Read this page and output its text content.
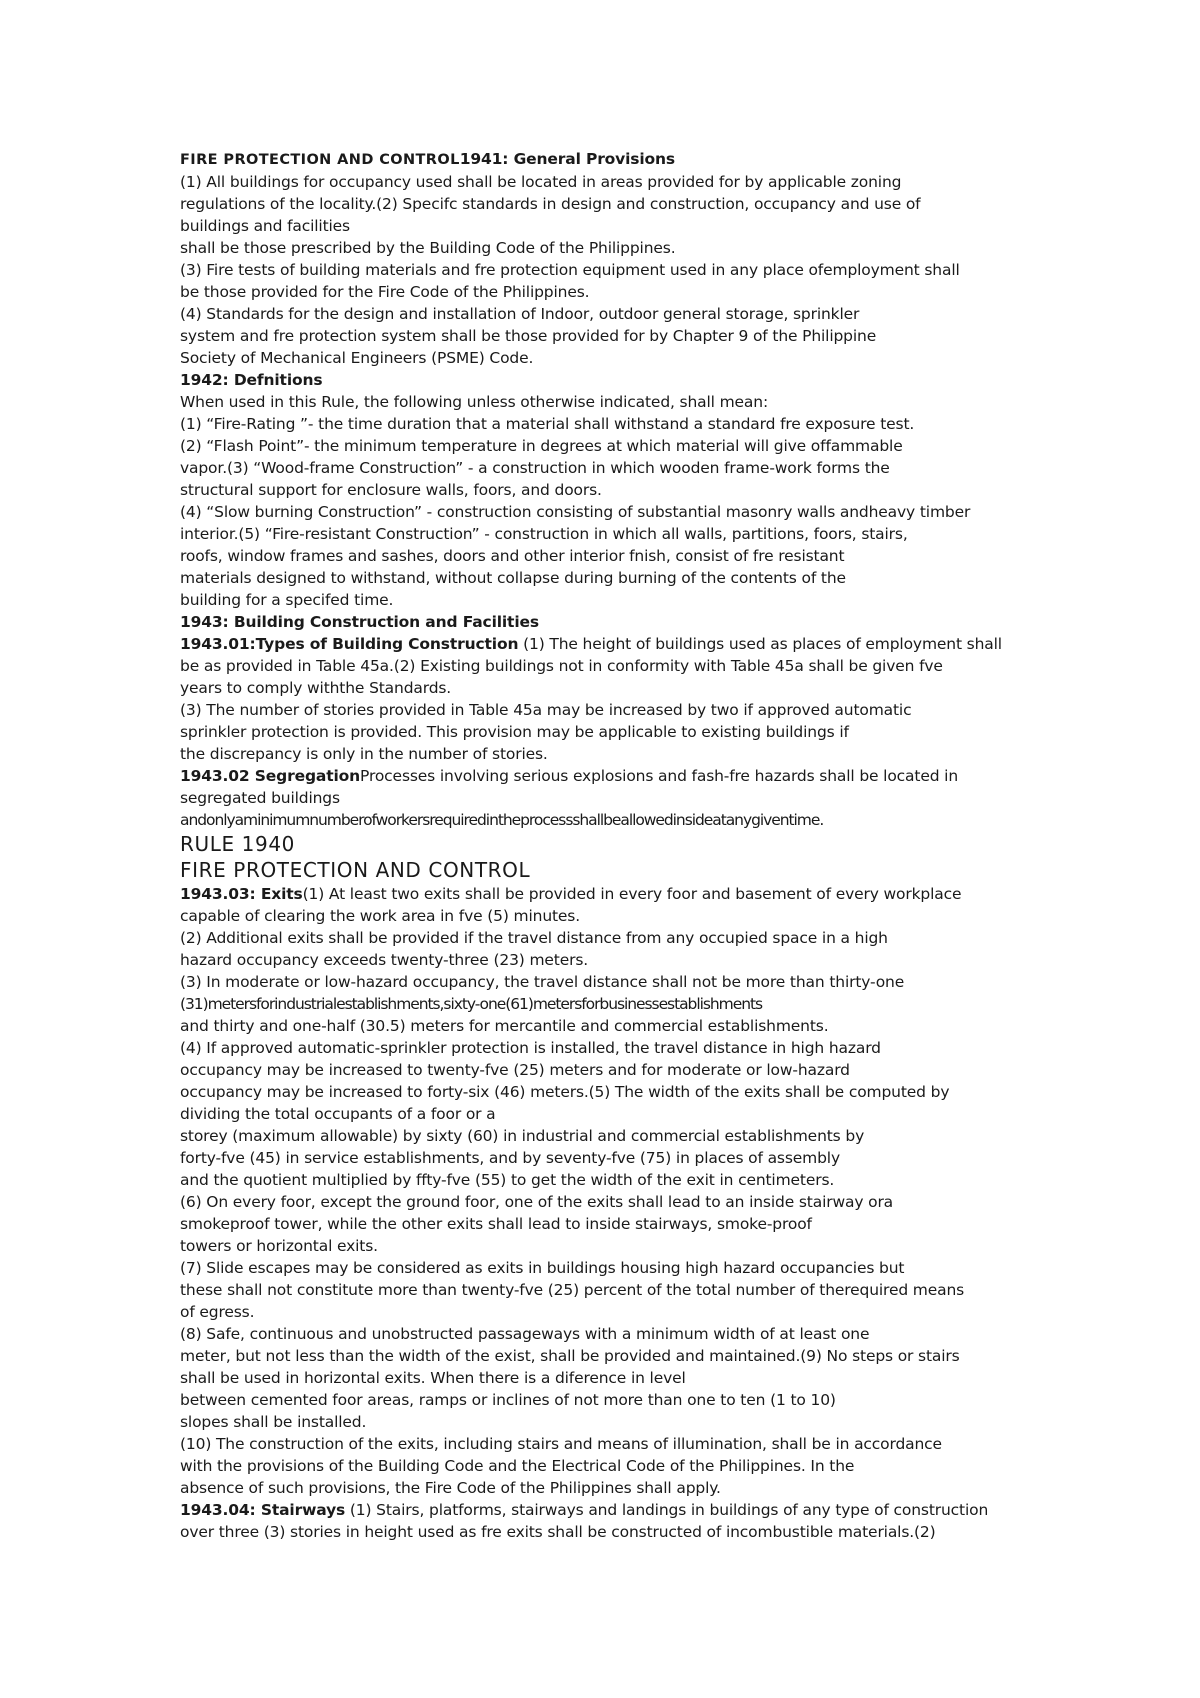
FIRE PROTECTION AND CONTROL1941: General Provisions
(1) All buildings for occupancy used shall be located in areas provided for by applicable zoning
regulations of the locality.(2) Specifc standards in design and construction, occupancy and use of
buildings and facilities
shall be those prescribed by the Building Code of the Philippines.
(3) Fire tests of building materials and fre protection equipment used in any place ofemployment shall
be those provided for the Fire Code of the Philippines.
(4) Standards for the design and installation of Indoor, outdoor general storage, sprinkler
system and fre protection system shall be those provided for by Chapter 9 of the Philippine
Society of Mechanical Engineers (PSME) Code.
1942: Defnitions
When used in this Rule, the following unless otherwise indicated, shall mean:
(1) “Fire-Rating ”- the time duration that a material shall withstand a standard fre exposure test.
(2) “Flash Point”- the minimum temperature in degrees at which material will give offammable
vapor.(3) “Wood-frame Construction” - a construction in which wooden frame-work forms the
structural support for enclosure walls, foors, and doors.
(4) “Slow burning Construction” - construction consisting of substantial masonry walls andheavy timber
interior.(5) “Fire-resistant Construction” - construction in which all walls, partitions, foors, stairs,
roofs, window frames and sashes, doors and other interior fnish, consist of fre resistant
materials designed to withstand, without collapse during burning of the contents of the
building for a specifed time.
1943: Building Construction and Facilities
1943.01:Types of Building Construction (1) The height of buildings used as places of employment shall
be as provided in Table 45a.(2) Existing buildings not in conformity with Table 45a shall be given fve
years to comply withthe Standards.
(3) The number of stories provided in Table 45a may be increased by two if approved automatic
sprinkler protection is provided. This provision may be applicable to existing buildings if
the discrepancy is only in the number of stories.
1943.02 SegregationProcesses involving serious explosions and fash-fre hazards shall be located in
segregated buildings
andonlyaminimumnumberofworkersrequiredintheprocessshallbeallowedinsideatanygiventime.
RULE 1940
FIRE PROTECTION AND CONTROL
1943.03: Exits(1) At least two exits shall be provided in every foor and basement of every workplace
capable of clearing the work area in fve (5) minutes.
(2) Additional exits shall be provided if the travel distance from any occupied space in a high
hazard occupancy exceeds twenty-three (23) meters.
(3) In moderate or low-hazard occupancy, the travel distance shall not be more than thirty-one
(31)metersforindustrialestablishments,sixty-one(61)metersforbusinessestablishments
and thirty and one-half (30.5) meters for mercantile and commercial establishments.
(4) If approved automatic-sprinkler protection is installed, the travel distance in high hazard
occupancy may be increased to twenty-fve (25) meters and for moderate or low-hazard
occupancy may be increased to forty-six (46) meters.(5) The width of the exits shall be computed by
dividing the total occupants of a foor or a
storey (maximum allowable) by sixty (60) in industrial and commercial establishments by
forty-fve (45) in service establishments, and by seventy-fve (75) in places of assembly
and the quotient multiplied by ffty-fve (55) to get the width of the exit in centimeters.
(6) On every foor, except the ground foor, one of the exits shall lead to an inside stairway ora
smokeproof tower, while the other exits shall lead to inside stairways, smoke-proof
towers or horizontal exits.
(7) Slide escapes may be considered as exits in buildings housing high hazard occupancies but
these shall not constitute more than twenty-fve (25) percent of the total number of therequired means
of egress.
(8) Safe, continuous and unobstructed passageways with a minimum width of at least one
meter, but not less than the width of the exist, shall be provided and maintained.(9) No steps or stairs
shall be used in horizontal exits. When there is a diference in level
between cemented foor areas, ramps or inclines of not more than one to ten (1 to 10)
slopes shall be installed.
(10) The construction of the exits, including stairs and means of illumination, shall be in accordance
with the provisions of the Building Code and the Electrical Code of the Philippines. In the
absence of such provisions, the Fire Code of the Philippines shall apply.
1943.04: Stairways (1) Stairs, platforms, stairways and landings in buildings of any type of construction
over three (3) stories in height used as fre exits shall be constructed of incombustible materials.(2)
